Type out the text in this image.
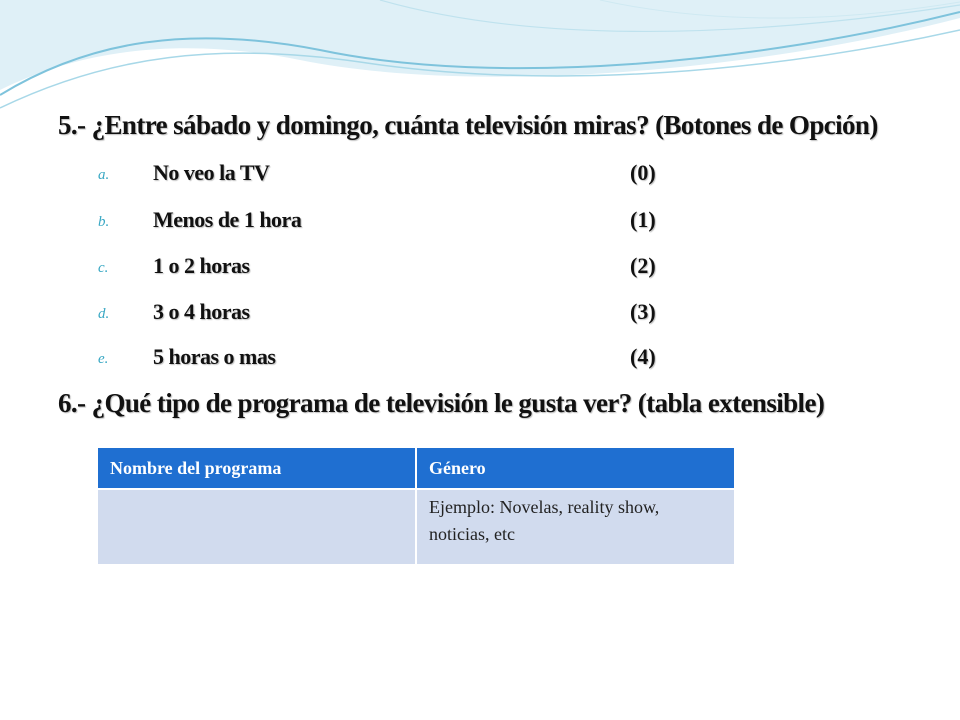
5.- ¿Entre sábado y domingo, cuánta televisión miras? (Botones de Opción)
a. No veo la TV	(0)
b. Menos de 1 hora	(1)
c. 1 o 2 horas	(2)
d. 3 o 4 horas	(3)
e. 5 horas o mas	(4)
6.- ¿Qué tipo de programa de televisión le gusta ver? (tabla extensible)
Nombre del programa	Género
	Ejemplo: Novelas, reality show, noticias, etc
